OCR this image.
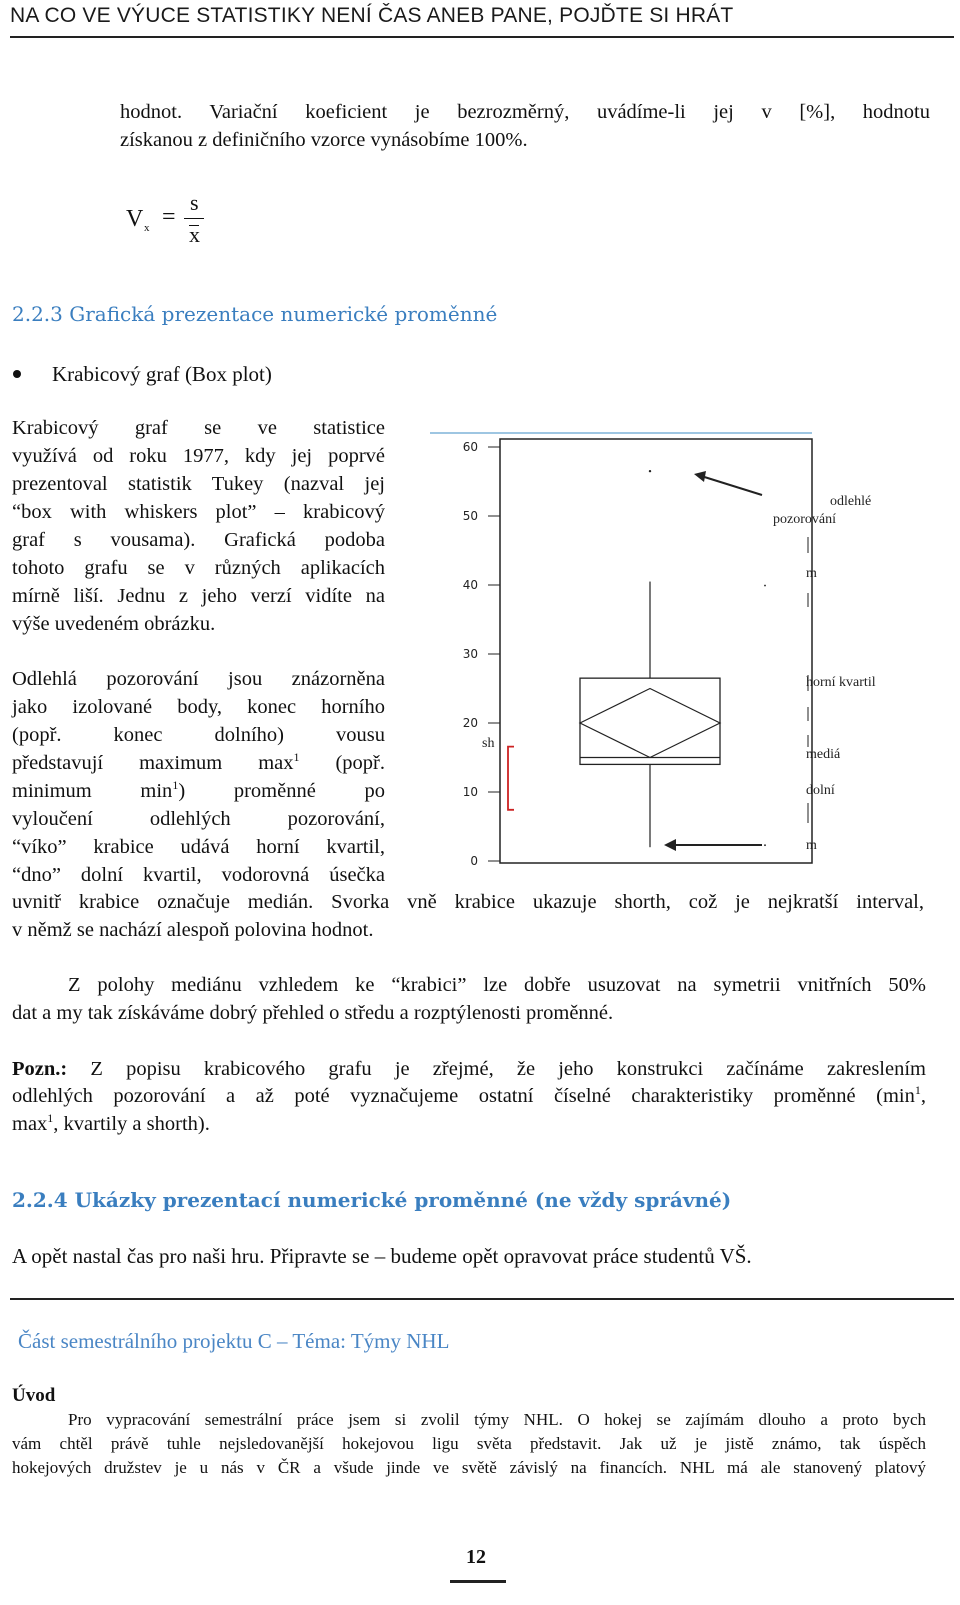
NA CO VE VÝUCE STATISTIKY NENÍ ČAS ANEB PANE, POJĎTE SI HRÁT
hodnot. Variační koeficient je bezrozměrný, uvádíme-li jej v [%], hodnotu
získanou z definičního vzorce vynásobíme 100%.
V x =
s
x
2.2.3 Grafická prezentace numerické proměnné
Krabicový graf (Box plot)
Krabicový graf se ve statistice
využívá od roku 1977, kdy jej poprvé
prezentoval statistik Tukey (nazval jej
“box with whiskers plot” – krabicový
graf s vousama). Grafická podoba
tohoto grafu se v různých aplikacích
mírně liší. Jednu z jeho verzí vidíte na
výše uvedeném obrázku.
Odlehlá pozorování jsou znázorněna
jako izolované body, konec horního
(popř. konec dolního) vousu
představují maximum $\max^1$ (popř.
minimum $\min^1$) proměnné po
vyloučení odlehlých pozorování,
“víko” krabice udává horní kvartil,
“dno” dolní kvartil, vodorovná úsečka
60
50
40
30
20
10
0
sh
odlehlé
pozorování
m
horní kvartil
mediá
dolní
m
uvnitř krabice označuje medián. Svorka vně krabice ukazuje shorth, což je nejkratší interval,
v němž se nachází alespoň polovina hodnot.
Z polohy mediánu vzhledem ke “krabici” lze dobře usuzovat na symetrii vnitřních 50%
dat a my tak získáváme dobrý přehled o středu a rozptýlenosti proměnné.
Pozn.: Z popisu krabicového grafu je zřejmé, že jeho konstrukci začínáme zakreslením
odlehlých pozorování a až poté vyznačujeme ostatní číselné charakteristiky proměnné ($\min^1$,
$\max^1$, kvartily a shorth).
2.2.4 Ukázky prezentací numerické proměnné (ne vždy správné)
A opět nastal čas pro naši hru. Připravte se – budeme opět opravovat práce studentů VŠ.
Část semestrálního projektu C – Téma: Týmy NHL
Úvod
Pro vypracování semestrální práce jsem si zvolil týmy NHL. O hokej se zajímám dlouho a proto bych
vám chtěl právě tuhle nejsledovanější hokejovou ligu světa představit. Jak už je jistě známo, tak úspěch
hokejových družstev je u nás v ČR a všude jinde ve světě závislý na financích. NHL má ale stanovený platový
12
